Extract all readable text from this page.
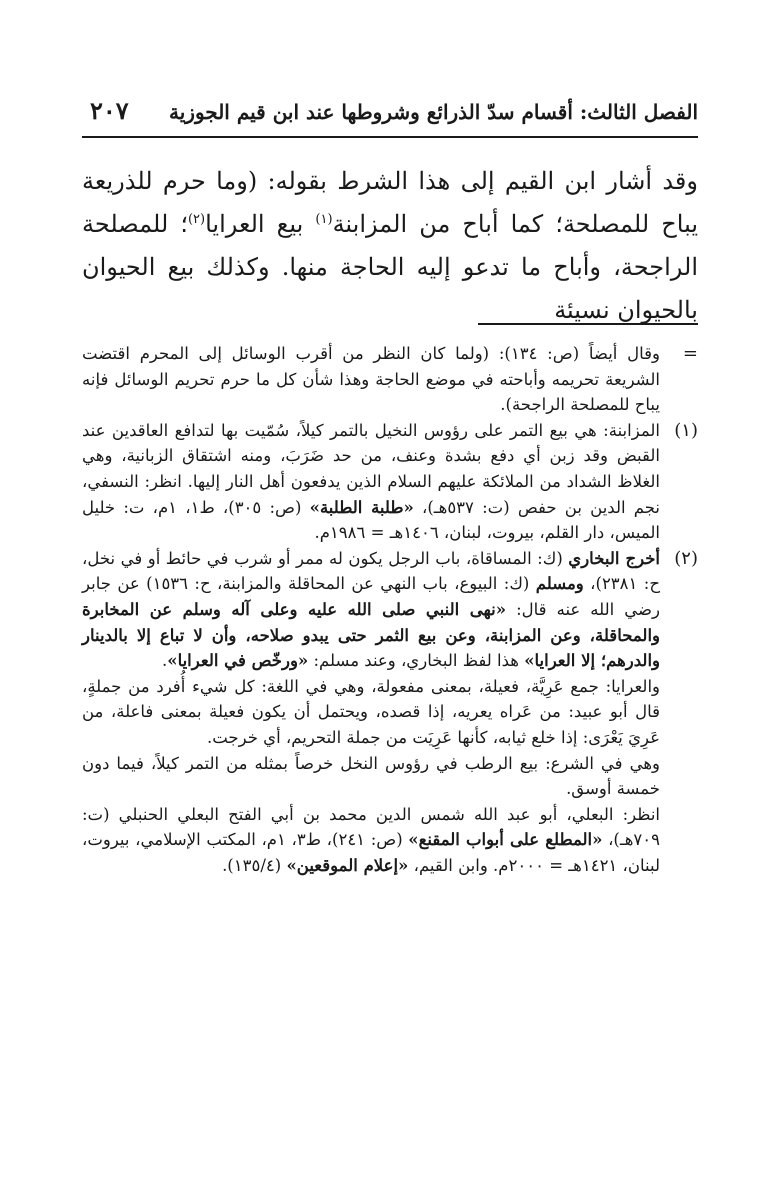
الفصل الثالث: أقسام سدّ الذرائع وشروطها عند ابن قيم الجوزية
٢٠٧
وقد أشار ابن القيم إلى هذا الشرط بقوله: (وما حرم للذريعة يباح للمصلحة؛ كما أباح من المزابنة$^{(١)}$ بيع العرايا$^{(٢)}$؛ للمصلحة الراجحة، وأباح ما تدعو إليه الحاجة منها. وكذلك بيع الحيوان بالحيوان نسيئة
=

وقال أيضاً (ص: ١٣٤): (ولما كان النظر من أقرب الوسائل إلى المحرم اقتضت الشريعة تحريمه وأباحته في موضع الحاجة وهذا شأن كل ما حرم تحريم الوسائل فإنه يباح للمصلحة الراجحة).

(١)

المزابنة: هي بيع التمر على رؤوس النخيل بالتمر كيلاً، سُمّيت بها لتدافع العاقدين عند القبض وقد زبن أي دفع بشدة وعنف، من حد ضَرَبَ، ومنه اشتقاق الزبانية، وهي الغلاظ الشداد من الملائكة عليهم السلام الذين يدفعون أهل النار إليها. انظر: النسفي، نجم الدين بن حفص (ت: ٥٣٧هـ)، «طلبة الطلبة» (ص: ٣٠٥)، ط١، ١م، ت: خليل الميس، دار القلم، بيروت، لبنان، ١٤٠٦هـ = ١٩٨٦م.

(٢)

أخرج البخاري (ك: المساقاة، باب الرجل يكون له ممر أو شرب في حائط أو في نخل، ح: ٢٣٨١)، ومسلم (ك: البيوع، باب النهي عن المحاقلة والمزابنة، ح: ١٥٣٦) عن جابر رضي الله عنه قال: «نهى النبي صلى الله عليه وعلى آله وسلم عن المخابرة والمحاقلة، وعن المزابنة، وعن بيع الثمر حتى يبدو صلاحه، وأن لا تباع إلا بالدينار والدرهم؛ إلا العرايا» هذا لفظ البخاري، وعند مسلم: «ورخّص في العرايا».

والعرايا: جمع عَرِيَّة، فعيلة، بمعنى مفعولة، وهي في اللغة: كل شيء أُفرد من جملةٍ، قال أبو عبيد: من عَراه يعريه، إذا قصده، ويحتمل أن يكون فعيلة بمعنى فاعلة، من عَرِيَ يَعْرَى: إذا خلع ثيابه، كأنها عَرِيَت من جملة التحريم، أي خرجت.

وهي في الشرع: بيع الرطب في رؤوس النخل خرصاً بمثله من التمر كيلاً، فيما دون خمسة أوسق.

انظر: البعلي، أبو عبد الله شمس الدين محمد بن أبي الفتح البعلي الحنبلي (ت: ٧٠٩هـ)، «المطلع على أبواب المقنع» (ص: ٢٤١)، ط٣، ١م، المكتب الإسلامي، بيروت، لبنان، ١٤٢١هـ = ٢٠٠٠م. وابن القيم، «إعلام الموقعين» (١٣٥/٤).
